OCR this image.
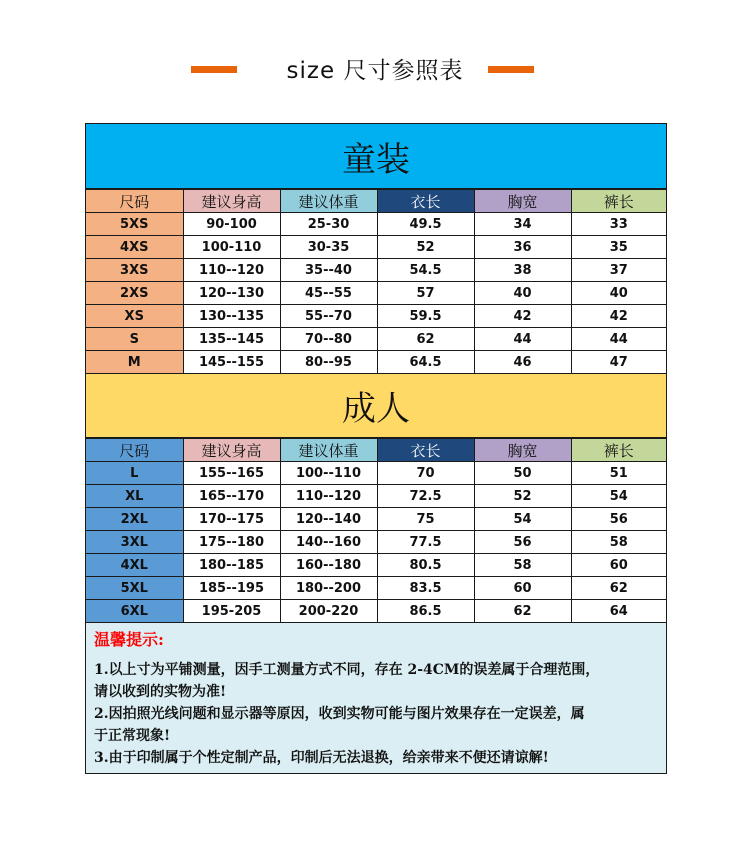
size 尺寸参照表
童装
尺码	建议身高	建议体重	衣长	胸宽	裤长
5XS	90-100	25-30	49.5	34	33
4XS	100-110	30-35	52	36	35
3XS	110--120	35--40	54.5	38	37
2XS	120--130	45--55	57	40	40
XS	130--135	55--70	59.5	42	42
S	135--145	70--80	62	44	44
M	145--155	80--95	64.5	46	47
成人
尺码	建议身高	建议体重	衣长	胸宽	裤长
L	155--165	100--110	70	50	51
XL	165--170	110--120	72.5	52	54
2XL	170--175	120--140	75	54	56
3XL	175--180	140--160	77.5	56	58
4XL	180--185	160--180	80.5	58	60
5XL	185--195	180--200	83.5	60	62
6XL	195-205	200-220	86.5	62	64
温馨提示:
1.以上寸为平铺测量，因手工测量方式不同，存在 2-4CM的误差属于合理范围，
请以收到的实物为准!
2.因拍照光线问题和显示器等原因，收到实物可能与图片效果存在一定误差，属
于正常现象!
3.由于印制属于个性定制产品，印制后无法退换，给亲带来不便还请谅解!
